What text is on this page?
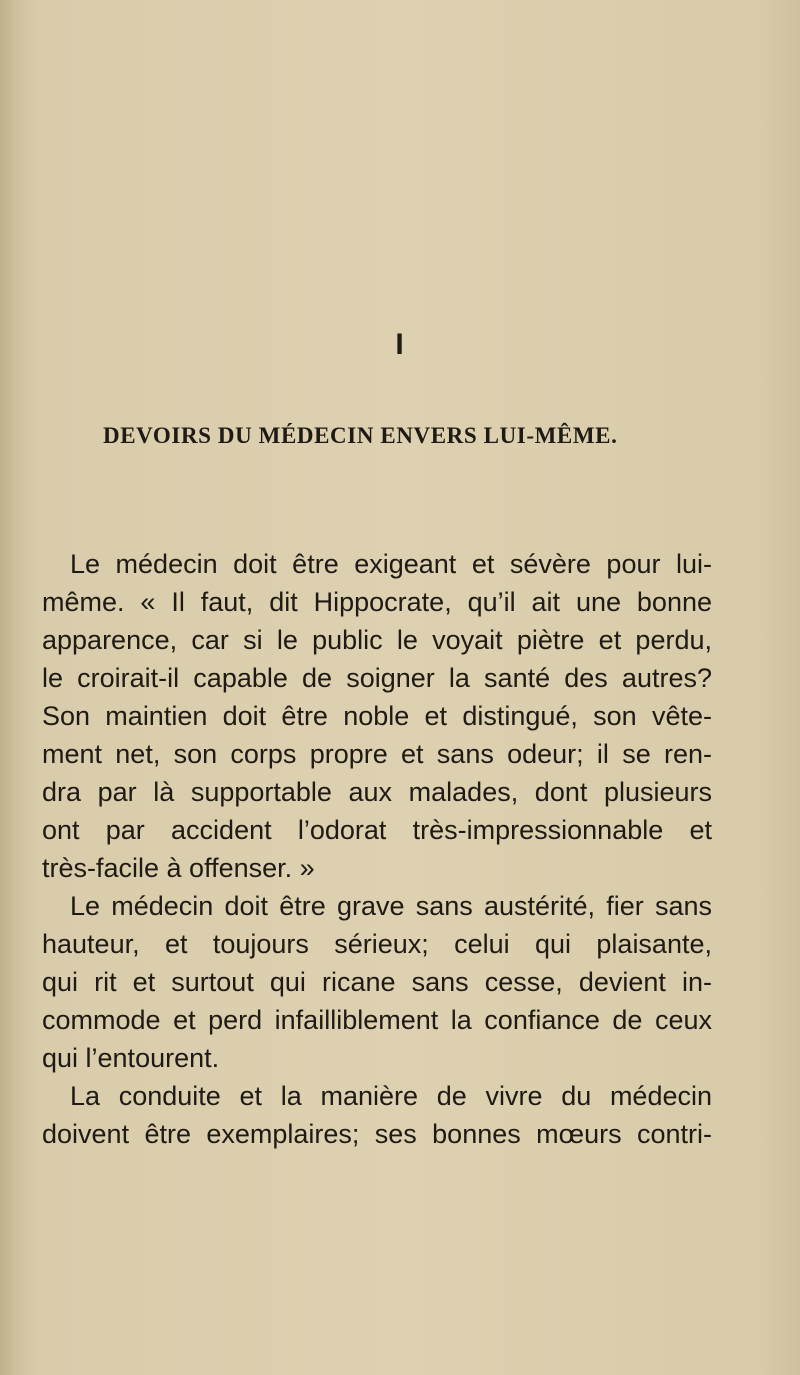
I
DEVOIRS DU MÉDECIN ENVERS LUI-MÊME.
Le médecin doit être exigeant et sévère pour lui-
même. « Il faut, dit Hippocrate, qu’il ait une bonne
apparence, car si le public le voyait piètre et perdu,
le croirait-il capable de soigner la santé des autres?
Son maintien doit être noble et distingué, son vête-
ment net, son corps propre et sans odeur; il se ren-
dra par là supportable aux malades, dont plusieurs
ont par accident l’odorat très-impressionnable et
très-facile à offenser. »
Le médecin doit être grave sans austérité, fier sans
hauteur, et toujours sérieux; celui qui plaisante,
qui rit et surtout qui ricane sans cesse, devient in-
commode et perd infailliblement la confiance de ceux
qui l’entourent.
La conduite et la manière de vivre du médecin
doivent être exemplaires; ses bonnes mœurs contri-
